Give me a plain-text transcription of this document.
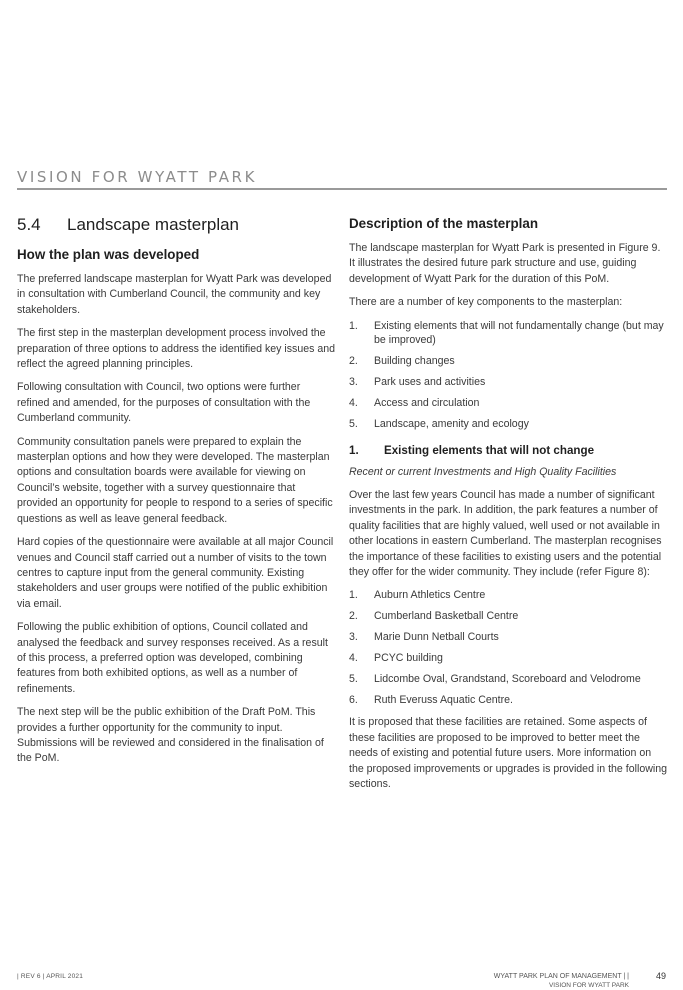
VISION FOR WYATT PARK
5.4	Landscape masterplan
How the plan was developed

The preferred landscape masterplan for Wyatt Park was developed in consultation with Cumberland Council, the community and key stakeholders.

The first step in the masterplan development process involved the preparation of three options to address the identified key issues and reflect the agreed planning principles.

Following consultation with Council, two options were further refined and amended, for the purposes of consultation with the Cumberland community.

Community consultation panels were prepared to explain the masterplan options and how they were developed. The masterplan options and consultation boards were available for viewing on Council’s website, together with a survey questionnaire that provided an opportunity for people to respond to a series of specific questions as well as leave general feedback.

Hard copies of the questionnaire were available at all major Council venues and Council staff carried out a number of visits to the town centres to capture input from the general community. Existing stakeholders and user groups were notified of the public exhibition via email.

Following the public exhibition of options, Council collated and analysed the feedback and survey responses received. As a result of this process, a preferred option was developed, combining features from both exhibited options, as well as a number of refinements.

The next step will be the public exhibition of the Draft PoM. This provides a further opportunity for the community to input. Submissions will be reviewed and considered in the finalisation of the PoM.

Description of the masterplan

The landscape masterplan for Wyatt Park is presented in Figure 9. It illustrates the desired future park structure and use, guiding development of Wyatt Park for the duration of this PoM.

There are a number of key components to the masterplan:

1.	Existing elements that will not fundamentally change (but may be improved)
2.	Building changes
3.	Park uses and activities
4.	Access and circulation
5.	Landscape, amenity and ecology
1.	Existing elements that will not change

Recent or current Investments and High Quality Facilities

Over the last few years Council has made a number of significant investments in the park. In addition, the park features a number of quality facilities that are highly valued, well used or not available in other locations in eastern Cumberland. The masterplan recognises the importance of these facilities to existing users and the potential they offer for the wider community. They include (refer Figure 8):

1.	Auburn Athletics Centre
2.	Cumberland Basketball Centre
3.	Marie Dunn Netball Courts
4.	PCYC building
5.	Lidcombe Oval, Grandstand, Scoreboard and Velodrome
6.	Ruth Everuss Aquatic Centre.

It is proposed that these facilities are retained. Some aspects of these facilities are proposed to be improved to better meet the needs of existing and potential future users. More information on the proposed improvements or upgrades is provided in the following sections.

| REV 6 | APRIL 2021	WYATT PARK PLAN OF MANAGEMENT | |
VISION FOR WYATT PARK
49
